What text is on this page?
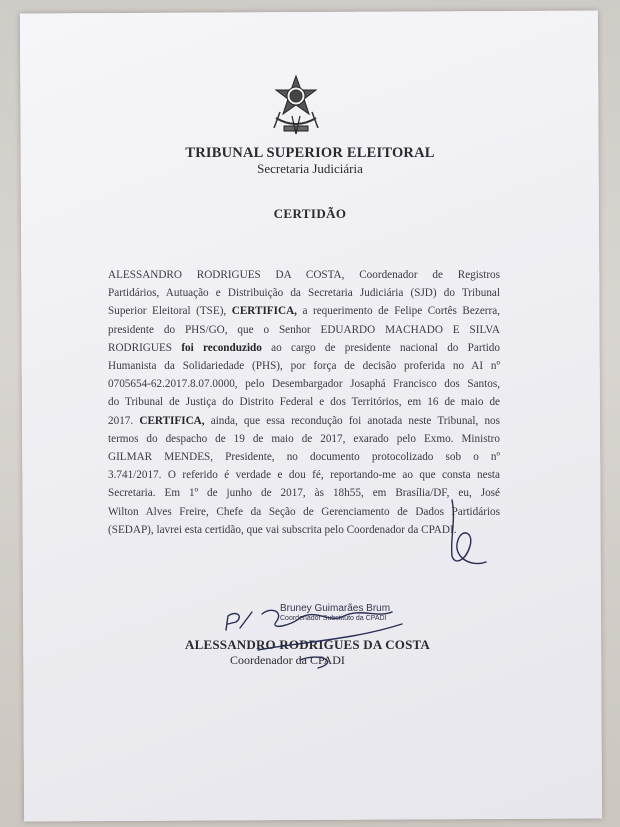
TRIBUNAL SUPERIOR ELEITORAL
Secretaria Judiciária
CERTIDÃO
ALESSANDRO RODRIGUES DA COSTA, Coordenador de Registros
Partidários, Autuação e Distribuição da Secretaria Judiciária (SJD) do Tribunal
Superior Eleitoral (TSE), CERTIFICA, a requerimento de Felipe Cortês Bezerra,
presidente do PHS/GO, que o Senhor EDUARDO MACHADO E SILVA
RODRIGUES foi reconduzido ao cargo de presidente nacional do Partido
Humanista da Solidariedade (PHS), por força de decisão proferida no AI nº
0705654-62.2017.8.07.0000, pelo Desembargador Josaphá Francisco dos Santos,
do Tribunal de Justiça do Distrito Federal e dos Territórios, em 16 de maio de
2017. CERTIFICA, ainda, que essa recondução foi anotada neste Tribunal, nos
termos do despacho de 19 de maio de 2017, exarado pelo Exmo. Ministro
GILMAR MENDES, Presidente, no documento protocolizado sob o nº
3.741/2017. O referido é verdade e dou fé, reportando-me ao que consta nesta
Secretaria. Em 1º de junho de 2017, às 18h55, em Brasília/DF, eu, José
Wilton Alves Freire, Chefe da Seção de Gerenciamento de Dados Partidários
(SEDAP), lavrei esta certidão, que vai subscrita pelo Coordenador da CPADI.
Bruney Guimarães Brum
Coordenador Substituto da CPADI
ALESSANDRO RODRIGUES DA COSTA
Coordenador da CPADI
